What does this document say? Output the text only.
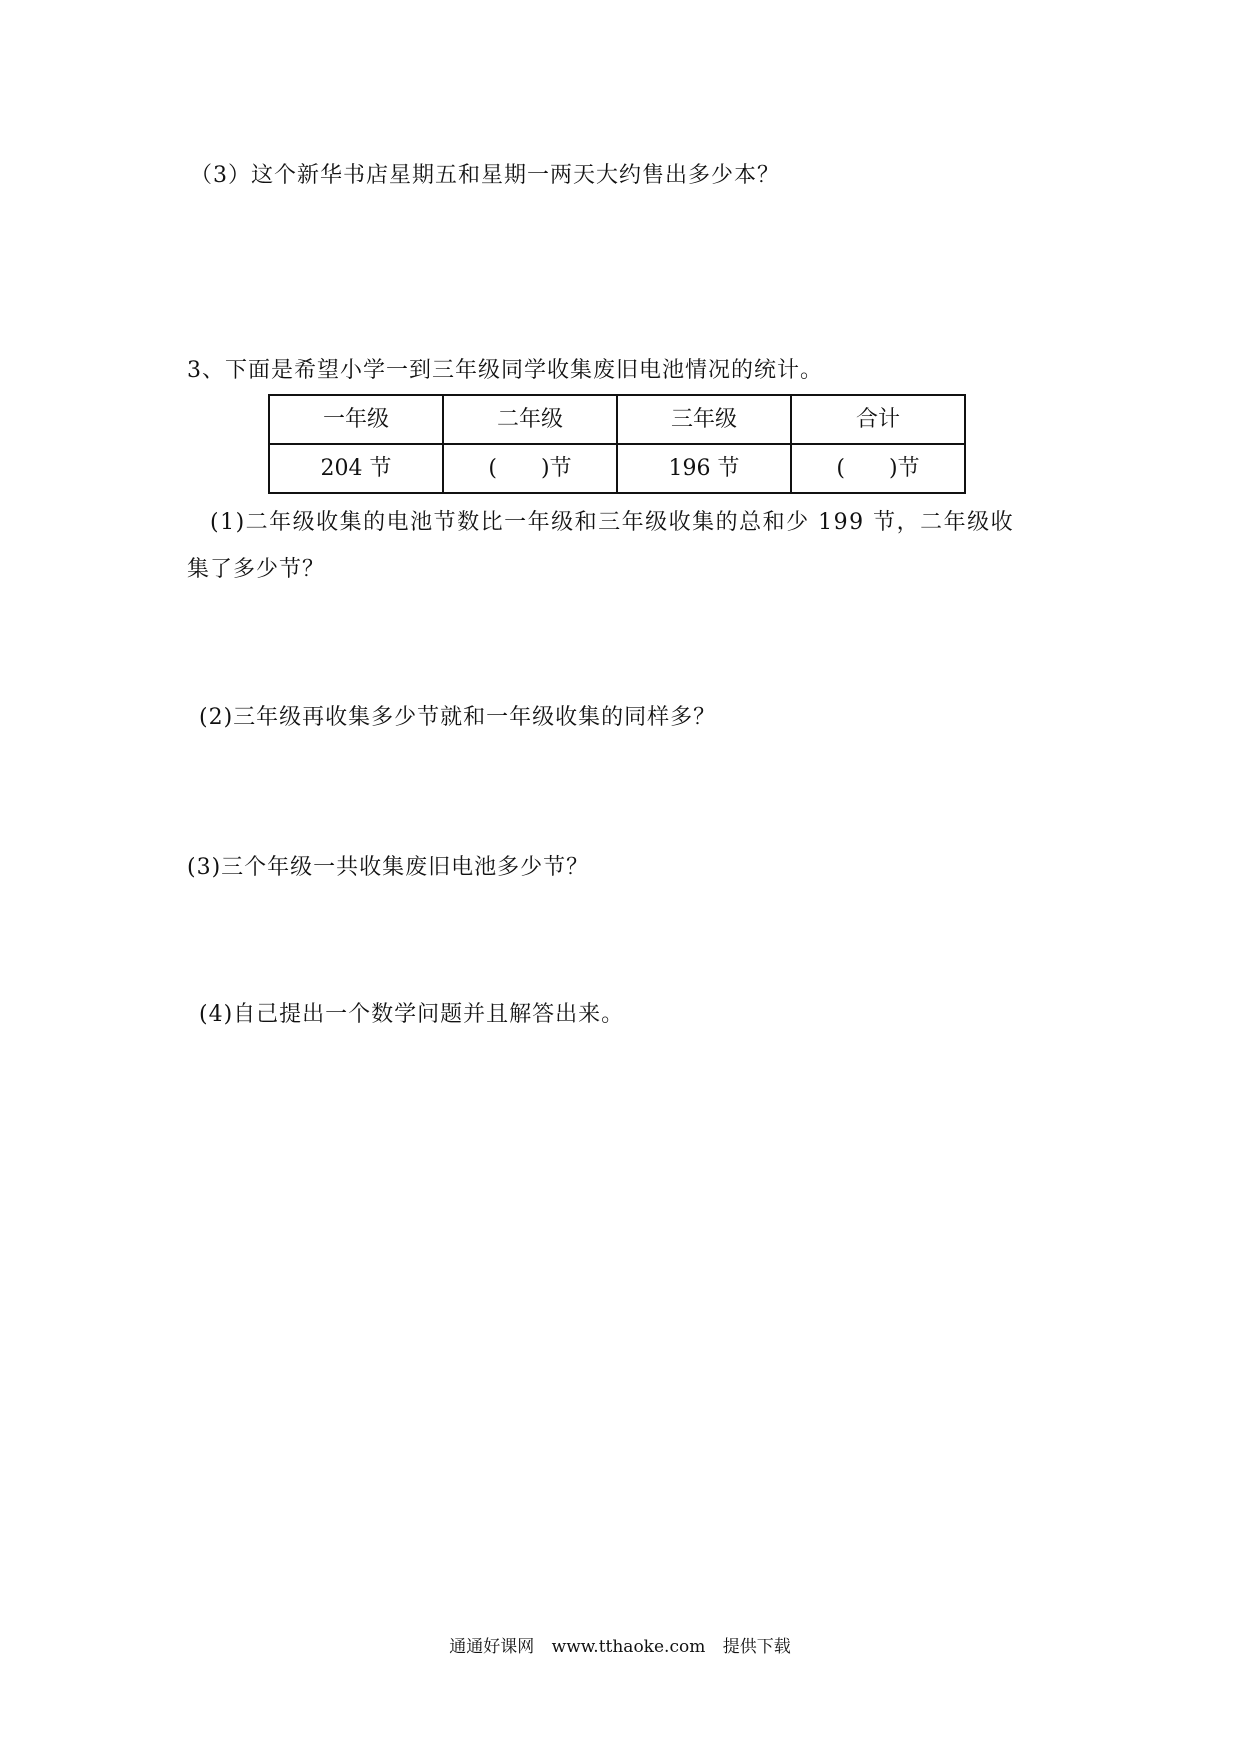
（3）这个新华书店星期五和星期一两天大约售出多少本？
3、下面是希望小学一到三年级同学收集废旧电池情况的统计。
一年级	二年级	三年级	合计
204 节	(　　)节	196 节	(　　)节
(1)二年级收集的电池节数比一年级和三年级收集的总和少 199 节，二年级收
集了多少节？
(2)三年级再收集多少节就和一年级收集的同样多？
(3)三个年级一共收集废旧电池多少节？
(4)自己提出一个数学问题并且解答出来。
通通好课网 www.tthaoke.com 提供下载
